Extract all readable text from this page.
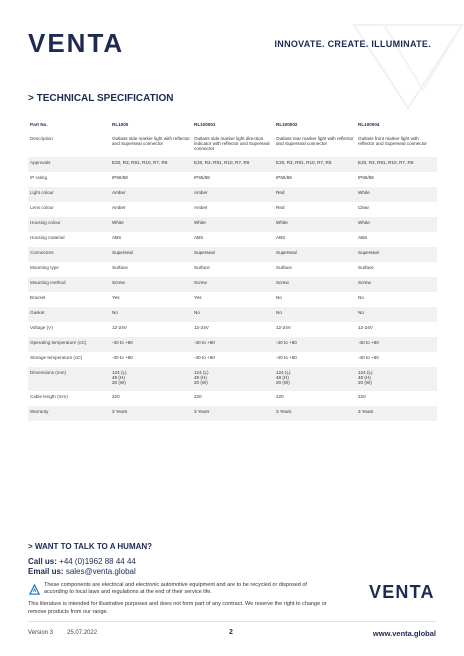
VENTA	INNOVATE. CREATE. ILLUMINATE.
> TECHNICAL SPECIFICATION
Part No.	RL1000	RL100001	RL100002	RL100004
Description	Outlass side marker light with reflector and Superseal connector	Outlass side marker light direction indicator with reflector and Superseal connector	Outlass rear marker light with reflector and Superseal connector	Outlass front marker light with reflector and Superseal connector
Approvals	E20, R3, R91, R10, R7, R6	E20, R3, R91, R10, R7, R6	E20, R3, R91, R10, R7, R6	E20, R3, R91, R10, R7, R6
IP rating	IP66/68	IP66/68	IP66/68	IP66/68
Light colour	Amber	Amber	Red	White
Lens colour	Amber	Amber	Red	Clear
Housing colour	White	White	White	White
Housing material	ABS	ABS	ABS	ABS
Connectors	Superseal	Superseal	Superseal	Superseal
Mounting type	Surface	Surface	Surface	Surface
Mounting method	Screw	Screw	Screw	Screw
Bracket	Yes	Yes	No	No
Gasket	No	No	No	No
Voltage (V)	12-24V	12-24V	12-24V	12-24V
Operating temperature (oC)	-40 to +60	-40 to +60	-40 to +60	-40 to +60
Storage temperature (oC)	-40 to +60	-40 to +60	-40 to +60	-40 to +60
Dimensions (mm)	124 (L)
48 (H)
20 (W)	124 (L)
48 (H)
20 (W)	124 (L)
48 (H)
20 (W)	124 (L)
48 (H)
20 (W)
Cable length (mm)	220	220	220	220
Warranty	3 Years	3 Years	3 Years	3 Years
> WANT TO TALK TO A HUMAN?
Call us: +44 (0)1962 88 44 44
Email us: sales@venta.global
These components are electrical and electronic automotive equipment and are to be recycled or disposed of according to local laws and regulations at the end of their service life.	VENTA
This literature is intended for illustrative purposes and does not form part of any contract. We reserve the right to change or remove products from our range.
Version 3 25.07.2022	2	www.venta.global
